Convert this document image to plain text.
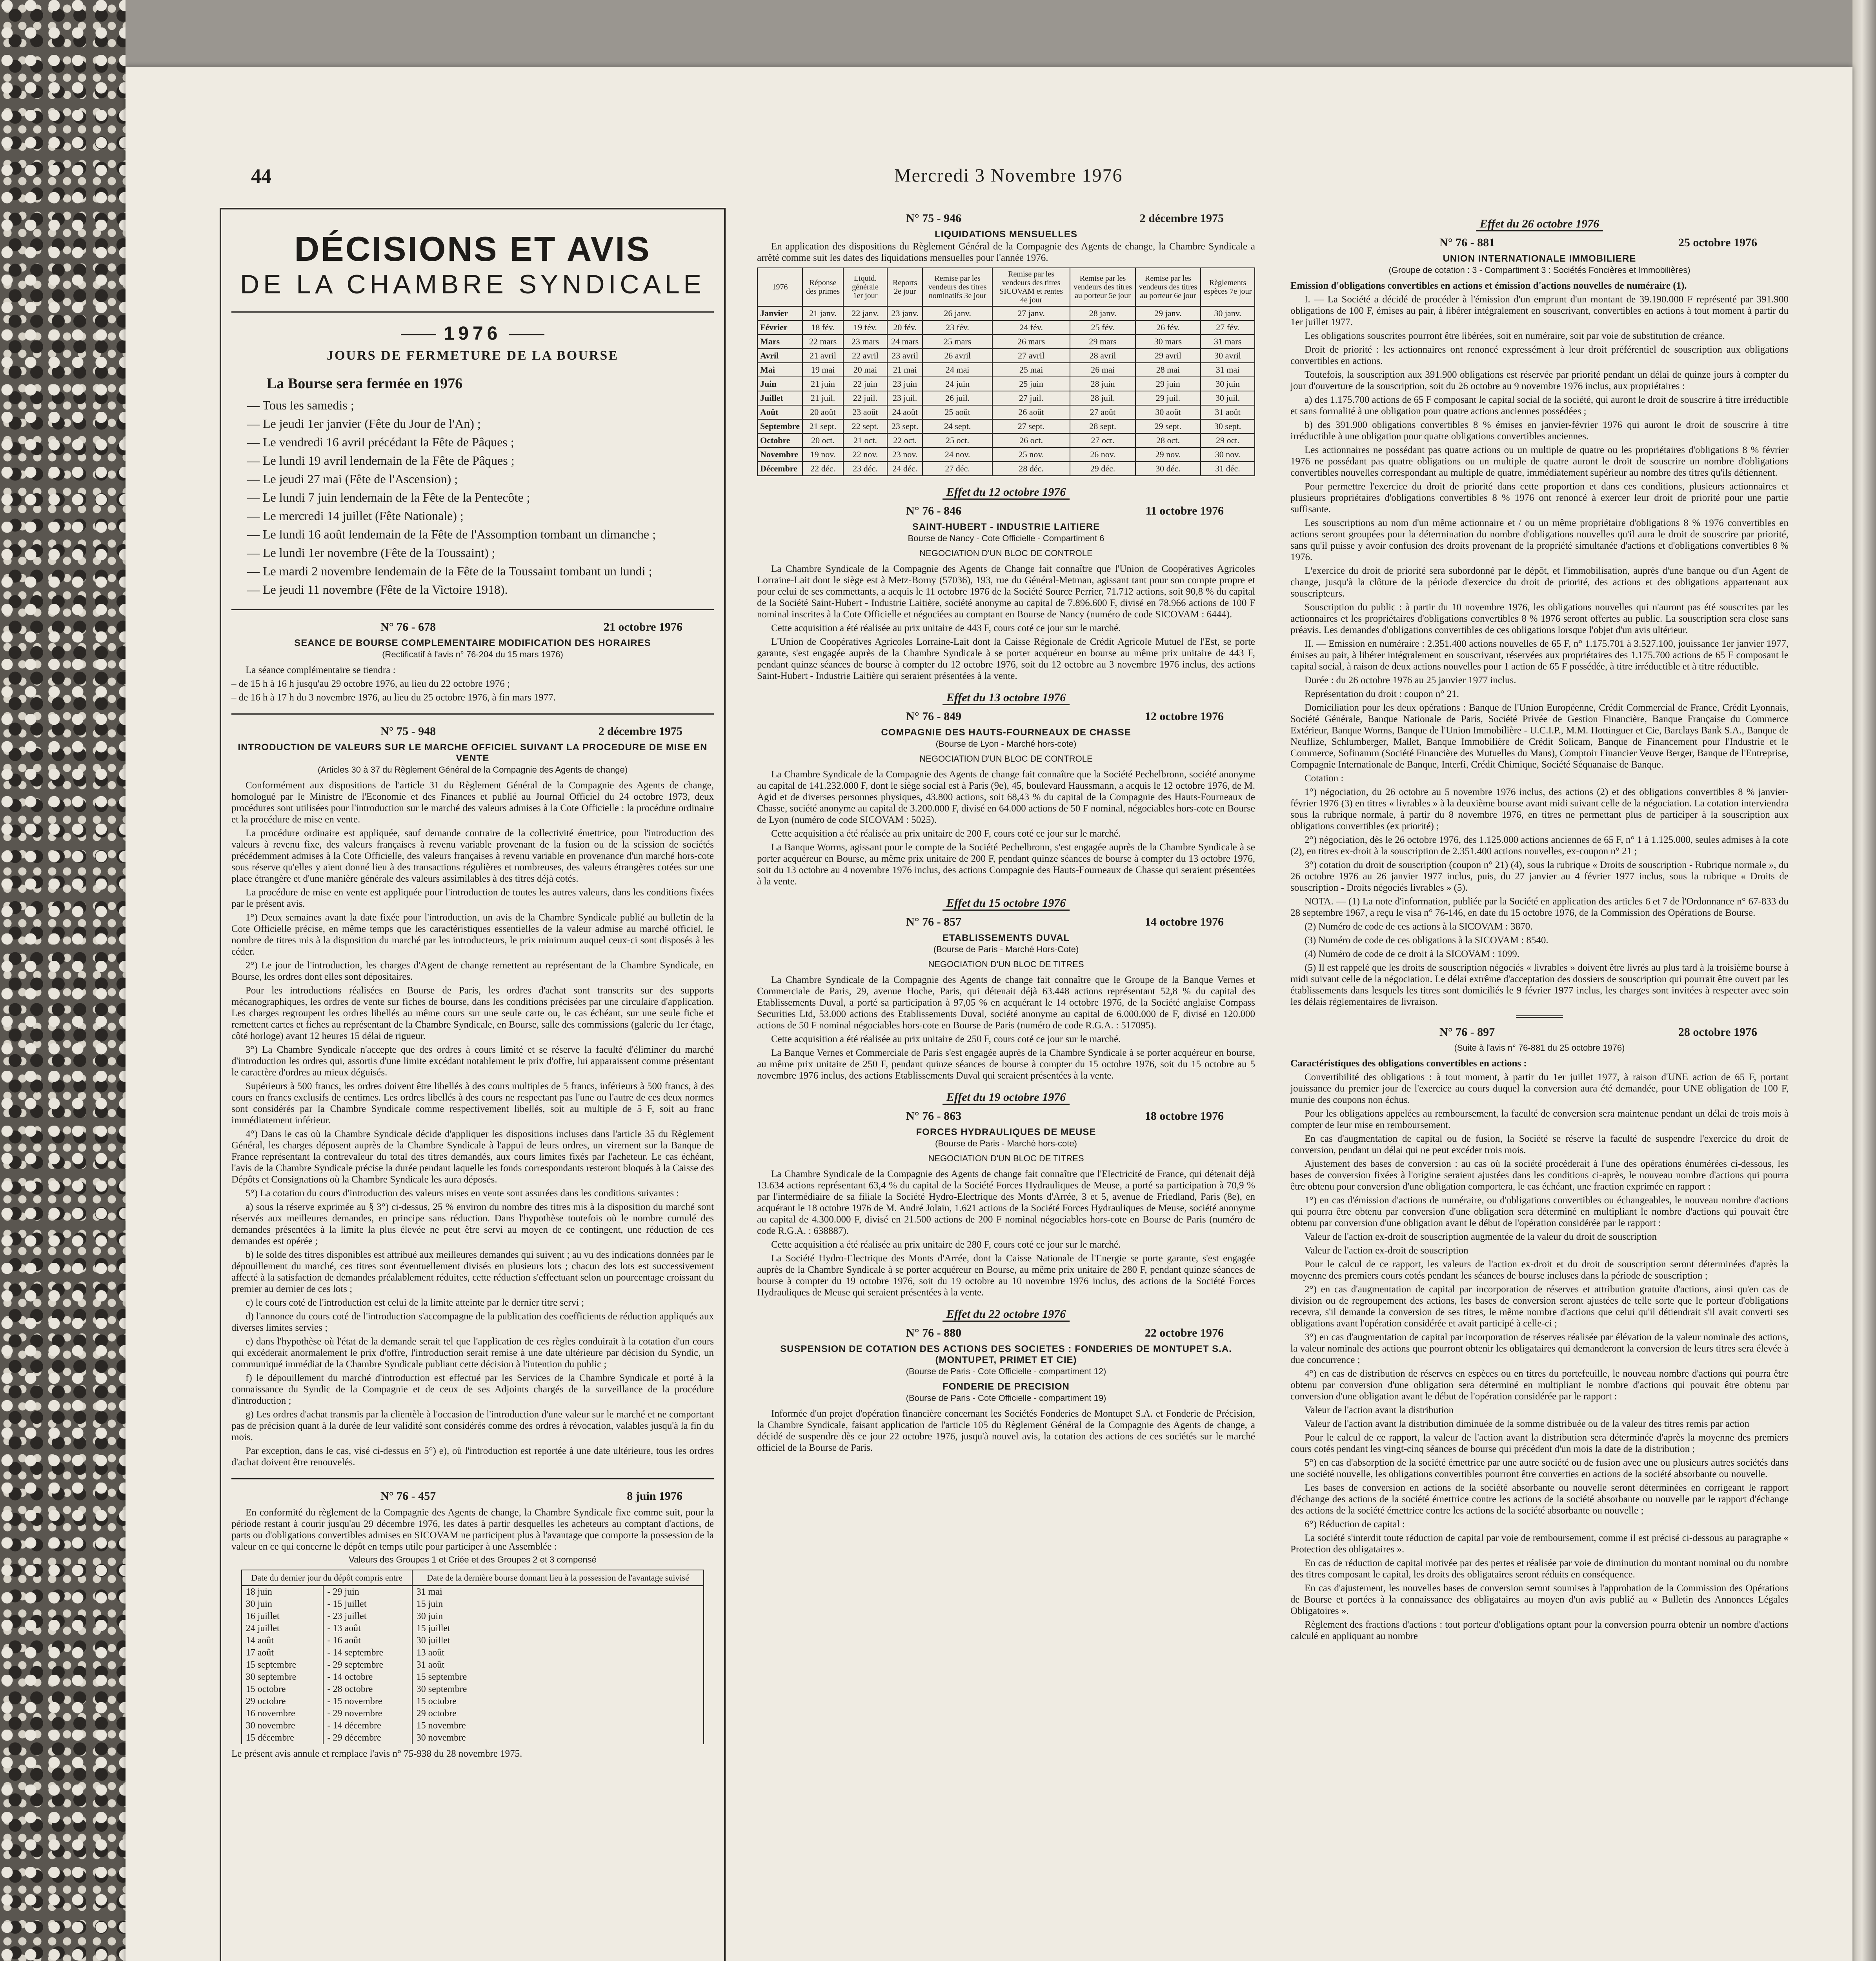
44	Mercredi 3 Novembre 1976
DÉCISIONS ET AVIS
DE LA CHAMBRE SYNDICALE
1976
JOURS DE FERMETURE DE LA BOURSE
La Bourse sera fermée en 1976
— Tous les samedis ;
— Le jeudi 1er janvier (Fête du Jour de l'An) ;
— Le vendredi 16 avril précédant la Fête de Pâques ;
— Le lundi 19 avril lendemain de la Fête de Pâques ;
— Le jeudi 27 mai (Fête de l'Ascension) ;
— Le lundi 7 juin lendemain de la Fête de la Pentecôte ;
— Le mercredi 14 juillet (Fête Nationale) ;
— Le lundi 16 août lendemain de la Fête de l'Assomption tombant un dimanche ;
— Le lundi 1er novembre (Fête de la Toussaint) ;
— Le mardi 2 novembre lendemain de la Fête de la Toussaint tombant un lundi ;
— Le jeudi 11 novembre (Fête de la Victoire 1918).
N° 76 - 678	21 octobre 1976
SEANCE DE BOURSE COMPLEMENTAIRE MODIFICATION DES HORAIRES
(Rectificatif à l'avis n° 76-204 du 15 mars 1976)

La séance complémentaire se tiendra :

– de 15 h à 16 h jusqu'au 29 octobre 1976, au lieu du 22 octobre 1976 ;

– de 16 h à 17 h du 3 novembre 1976, au lieu du 25 octobre 1976, à fin mars 1977.

N° 75 - 948	2 décembre 1975
INTRODUCTION DE VALEURS SUR LE MARCHE OFFICIEL SUIVANT LA PROCEDURE DE MISE EN VENTE
(Articles 30 à 37 du Règlement Général de la Compagnie des Agents de change)

Conformément aux dispositions de l'article 31 du Règlement Général de la Compagnie des Agents de change, homologué par le Ministre de l'Economie et des Finances et publié au Journal Officiel du 24 octobre 1973, deux procédures sont utilisées pour l'introduction sur le marché des valeurs admises à la Cote Officielle : la procédure ordinaire et la procédure de mise en vente.

La procédure ordinaire est appliquée, sauf demande contraire de la collectivité émettrice, pour l'introduction des valeurs à revenu fixe, des valeurs françaises à revenu variable provenant de la fusion ou de la scission de sociétés précédemment admises à la Cote Officielle, des valeurs françaises à revenu variable en provenance d'un marché hors-cote sous réserve qu'elles y aient donné lieu à des transactions régulières et nombreuses, des valeurs étrangères cotées sur une place étrangère et d'une manière générale des valeurs assimilables à des titres déjà cotés.

La procédure de mise en vente est appliquée pour l'introduction de toutes les autres valeurs, dans les conditions fixées par le présent avis.

1°) Deux semaines avant la date fixée pour l'introduction, un avis de la Chambre Syndicale publié au bulletin de la Cote Officielle précise, en même temps que les caractéristiques essentielles de la valeur admise au marché officiel, le nombre de titres mis à la disposition du marché par les introducteurs, le prix minimum auquel ceux-ci sont disposés à les céder.

2°) Le jour de l'introduction, les charges d'Agent de change remettent au représentant de la Chambre Syndicale, en Bourse, les ordres dont elles sont dépositaires.

Pour les introductions réalisées en Bourse de Paris, les ordres d'achat sont transcrits sur des supports mécanographiques, les ordres de vente sur fiches de bourse, dans les conditions précisées par une circulaire d'application. Les charges regroupent les ordres libellés au même cours sur une seule carte ou, le cas échéant, sur une seule fiche et remettent cartes et fiches au représentant de la Chambre Syndicale, en Bourse, salle des commissions (galerie du 1er étage, côté horloge) avant 12 heures 15 délai de rigueur.

3°) La Chambre Syndicale n'accepte que des ordres à cours limité et se réserve la faculté d'éliminer du marché d'introduction les ordres qui, assortis d'une limite excédant notablement le prix d'offre, lui apparaissent comme présentant le caractère d'ordres au mieux déguisés.

Supérieurs à 500 francs, les ordres doivent être libellés à des cours multiples de 5 francs, inférieurs à 500 francs, à des cours en francs exclusifs de centimes. Les ordres libellés à des cours ne respectant pas l'une ou l'autre de ces deux normes sont considérés par la Chambre Syndicale comme respectivement libellés, soit au multiple de 5 F, soit au franc immédiatement inférieur.

4°) Dans le cas où la Chambre Syndicale décide d'appliquer les dispositions incluses dans l'article 35 du Règlement Général, les charges déposent auprès de la Chambre Syndicale à l'appui de leurs ordres, un virement sur la Banque de France représentant la contrevaleur du total des titres demandés, aux cours limites fixés par l'acheteur. Le cas échéant, l'avis de la Chambre Syndicale précise la durée pendant laquelle les fonds correspondants resteront bloqués à la Caisse des Dépôts et Consignations où la Chambre Syndicale les aura déposés.

5°) La cotation du cours d'introduction des valeurs mises en vente sont assurées dans les conditions suivantes :

a) sous la réserve exprimée au § 3°) ci-dessus, 25 % environ du nombre des titres mis à la disposition du marché sont réservés aux meilleures demandes, en principe sans réduction. Dans l'hypothèse toutefois où le nombre cumulé des demandes présentées à la limite la plus élevée ne peut être servi au moyen de ce contingent, une réduction de ces demandes est opérée ;

b) le solde des titres disponibles est attribué aux meilleures demandes qui suivent ; au vu des indications données par le dépouillement du marché, ces titres sont éventuellement divisés en plusieurs lots ; chacun des lots est successivement affecté à la satisfaction de demandes préalablement réduites, cette réduction s'effectuant selon un pourcentage croissant du premier au dernier de ces lots ;

c) le cours coté de l'introduction est celui de la limite atteinte par le dernier titre servi ;

d) l'annonce du cours coté de l'introduction s'accompagne de la publication des coefficients de réduction appliqués aux diverses limites servies ;

e) dans l'hypothèse où l'état de la demande serait tel que l'application de ces règles conduirait à la cotation d'un cours qui excéderait anormalement le prix d'offre, l'introduction serait remise à une date ultérieure par décision du Syndic, un communiqué immédiat de la Chambre Syndicale publiant cette décision à l'intention du public ;

f) le dépouillement du marché d'introduction est effectué par les Services de la Chambre Syndicale et porté à la connaissance du Syndic de la Compagnie et de ceux de ses Adjoints chargés de la surveillance de la procédure d'introduction ;

g) Les ordres d'achat transmis par la clientèle à l'occasion de l'introduction d'une valeur sur le marché et ne comportant pas de précision quant à la durée de leur validité sont considérés comme des ordres à révocation, valables jusqu'à la fin du mois.

Par exception, dans le cas, visé ci-dessus en 5°) e), où l'introduction est reportée à une date ultérieure, tous les ordres d'achat doivent être renouvelés.

N° 76 - 457	8 juin 1976

En conformité du règlement de la Compagnie des Agents de change, la Chambre Syndicale fixe comme suit, pour la période restant à courir jusqu'au 29 décembre 1976, les dates à partir desquelles les acheteurs au comptant d'actions, de parts ou d'obligations convertibles admises en SICOVAM ne participent plus à l'avantage que comporte la possession de la valeur en ce qui concerne le dépôt en temps utile pour participer à une Assemblée :

Valeurs des Groupes 1 et Criée et des Groupes 2 et 3 compensé
Date du dernier jour du dépôt compris entre		Date de la dernière bourse donnant lieu à la possession de l'avantage suivisé
18 juin	- 29 juin	31 mai
30 juin	- 15 juillet	15 juin
16 juillet	- 23 juillet	30 juin
24 juillet	- 13 août	15 juillet
14 août	- 16 août	30 juillet
17 août	- 14 septembre	13 août
15 septembre	- 29 septembre	31 août
30 septembre	- 14 octobre	15 septembre
15 octobre	- 28 octobre	30 septembre
29 octobre	- 15 novembre	15 octobre
16 novembre	- 29 novembre	29 octobre
30 novembre	- 14 décembre	15 novembre
15 décembre	- 29 décembre	30 novembre

Le présent avis annule et remplace l'avis n° 75-938 du 28 novembre 1975.

N° 75 - 946	2 décembre 1975
LIQUIDATIONS MENSUELLES

En application des dispositions du Règlement Général de la Compagnie des Agents de change, la Chambre Syndicale a arrêté comme suit les dates des liquidations mensuelles pour l'année 1976.

1976	Réponse des primes	Liquid. générale 1er jour	Reports 2e jour	Remise par les vendeurs des titres nominatifs 3e jour	Remise par les vendeurs des titres SICOVAM et rentes 4e jour	Remise par les vendeurs des titres au porteur 5e jour	Remise par les vendeurs des titres au porteur 6e jour	Règlements espèces 7e jour
Janvier	21 janv.	22 janv.	23 janv.	26 janv.	27 janv.	28 janv.	29 janv.	30 janv.
Février	18 fév.	19 fév.	20 fév.	23 fév.	24 fév.	25 fév.	26 fév.	27 fév.
Mars	22 mars	23 mars	24 mars	25 mars	26 mars	29 mars	30 mars	31 mars
Avril	21 avril	22 avril	23 avril	26 avril	27 avril	28 avril	29 avril	30 avril
Mai	19 mai	20 mai	21 mai	24 mai	25 mai	26 mai	28 mai	31 mai
Juin	21 juin	22 juin	23 juin	24 juin	25 juin	28 juin	29 juin	30 juin
Juillet	21 juil.	22 juil.	23 juil.	26 juil.	27 juil.	28 juil.	29 juil.	30 juil.
Août	20 août	23 août	24 août	25 août	26 août	27 août	30 août	31 août
Septembre	21 sept.	22 sept.	23 sept.	24 sept.	27 sept.	28 sept.	29 sept.	30 sept.
Octobre	20 oct.	21 oct.	22 oct.	25 oct.	26 oct.	27 oct.	28 oct.	29 oct.
Novembre	19 nov.	22 nov.	23 nov.	24 nov.	25 nov.	26 nov.	29 nov.	30 nov.
Décembre	22 déc.	23 déc.	24 déc.	27 déc.	28 déc.	29 déc.	30 déc.	31 déc.
Effet du 12 octobre 1976
N° 76 - 846	11 octobre 1976
SAINT-HUBERT - INDUSTRIE LAITIERE
Bourse de Nancy - Cote Officielle - Compartiment 6
NEGOCIATION D'UN BLOC DE CONTROLE

La Chambre Syndicale de la Compagnie des Agents de Change fait connaître que l'Union de Coopératives Agricoles Lorraine-Lait dont le siège est à Metz-Borny (57036), 193, rue du Général-Metman, agissant tant pour son compte propre et pour celui de ses commettants, a acquis le 11 octobre 1976 de la Société Source Perrier, 71.712 actions, soit 90,8 % du capital de la Société Saint-Hubert - Industrie Laitière, société anonyme au capital de 7.896.600 F, divisé en 78.966 actions de 100 F nominal inscrites à la Cote Officielle et négociées au comptant en Bourse de Nancy (numéro de code SICOVAM : 6444).

Cette acquisition a été réalisée au prix unitaire de 443 F, cours coté ce jour sur le marché.

L'Union de Coopératives Agricoles Lorraine-Lait dont la Caisse Régionale de Crédit Agricole Mutuel de l'Est, se porte garante, s'est engagée auprès de la Chambre Syndicale à se porter acquéreur en bourse au même prix unitaire de 443 F, pendant quinze séances de bourse à compter du 12 octobre 1976, soit du 12 octobre au 3 novembre 1976 inclus, des actions Saint-Hubert - Industrie Laitière qui seraient présentées à la vente.

Effet du 13 octobre 1976
N° 76 - 849	12 octobre 1976
COMPAGNIE DES HAUTS-FOURNEAUX DE CHASSE
(Bourse de Lyon - Marché hors-cote)
NEGOCIATION D'UN BLOC DE CONTROLE

La Chambre Syndicale de la Compagnie des Agents de change fait connaître que la Société Pechelbronn, société anonyme au capital de 141.232.000 F, dont le siège social est à Paris (9e), 45, boulevard Haussmann, a acquis le 12 octobre 1976, de M. Agid et de diverses personnes physiques, 43.800 actions, soit 68,43 % du capital de la Compagnie des Hauts-Fourneaux de Chasse, société anonyme au capital de 3.200.000 F, divisé en 64.000 actions de 50 F nominal, négociables hors-cote en Bourse de Lyon (numéro de code SICOVAM : 5025).

Cette acquisition a été réalisée au prix unitaire de 200 F, cours coté ce jour sur le marché.

La Banque Worms, agissant pour le compte de la Société Pechelbronn, s'est engagée auprès de la Chambre Syndicale à se porter acquéreur en Bourse, au même prix unitaire de 200 F, pendant quinze séances de bourse à compter du 13 octobre 1976, soit du 13 octobre au 4 novembre 1976 inclus, des actions Compagnie des Hauts-Fourneaux de Chasse qui seraient présentées à la vente.

Effet du 15 octobre 1976
N° 76 - 857	14 octobre 1976
ETABLISSEMENTS DUVAL
(Bourse de Paris - Marché Hors-Cote)
NEGOCIATION D'UN BLOC DE TITRES

La Chambre Syndicale de la Compagnie des Agents de change fait connaître que le Groupe de la Banque Vernes et Commerciale de Paris, 29, avenue Hoche, Paris, qui détenait déjà 63.448 actions représentant 52,8 % du capital des Etablissements Duval, a porté sa participation à 97,05 % en acquérant le 14 octobre 1976, de la Société anglaise Compass Securities Ltd, 53.000 actions des Etablissements Duval, société anonyme au capital de 6.000.000 de F, divisé en 120.000 actions de 50 F nominal négociables hors-cote en Bourse de Paris (numéro de code R.G.A. : 517095).

Cette acquisition a été réalisée au prix unitaire de 250 F, cours coté ce jour sur le marché.

La Banque Vernes et Commerciale de Paris s'est engagée auprès de la Chambre Syndicale à se porter acquéreur en bourse, au même prix unitaire de 250 F, pendant quinze séances de bourse à compter du 15 octobre 1976, soit du 15 octobre au 5 novembre 1976 inclus, des actions Etablissements Duval qui seraient présentées à la vente.

Effet du 19 octobre 1976
N° 76 - 863	18 octobre 1976
FORCES HYDRAULIQUES DE MEUSE
(Bourse de Paris - Marché hors-cote)
NEGOCIATION D'UN BLOC DE TITRES

La Chambre Syndicale de la Compagnie des Agents de change fait connaître que l'Electricité de France, qui détenait déjà 13.634 actions représentant 63,4 % du capital de la Société Forces Hydrauliques de Meuse, a porté sa participation à 70,9 % par l'intermédiaire de sa filiale la Société Hydro-Electrique des Monts d'Arrée, 3 et 5, avenue de Friedland, Paris (8e), en acquérant le 18 octobre 1976 de M. André Jolain, 1.621 actions de la Société Forces Hydrauliques de Meuse, société anonyme au capital de 4.300.000 F, divisé en 21.500 actions de 200 F nominal négociables hors-cote en Bourse de Paris (numéro de code R.G.A. : 638887).

Cette acquisition a été réalisée au prix unitaire de 280 F, cours coté ce jour sur le marché.

La Société Hydro-Electrique des Monts d'Arrée, dont la Caisse Nationale de l'Energie se porte garante, s'est engagée auprès de la Chambre Syndicale à se porter acquéreur en Bourse, au même prix unitaire de 280 F, pendant quinze séances de bourse à compter du 19 octobre 1976, soit du 19 octobre au 10 novembre 1976 inclus, des actions de la Société Forces Hydrauliques de Meuse qui seraient présentées à la vente.

Effet du 22 octobre 1976
N° 76 - 880	22 octobre 1976
SUSPENSION DE COTATION DES ACTIONS DES SOCIETES : FONDERIES DE MONTUPET S.A. (MONTUPET, PRIMET ET CIE)
(Bourse de Paris - Cote Officielle - compartiment 12)
FONDERIE DE PRECISION
(Bourse de Paris - Cote Officielle - compartiment 19)

Informée d'un projet d'opération financière concernant les Sociétés Fonderies de Montupet S.A. et Fonderie de Précision, la Chambre Syndicale, faisant application de l'article 105 du Règlement Général de la Compagnie des Agents de change, a décidé de suspendre dès ce jour 22 octobre 1976, jusqu'à nouvel avis, la cotation des actions de ces sociétés sur le marché officiel de la Bourse de Paris.

Effet du 26 octobre 1976
N° 76 - 881	25 octobre 1976
UNION INTERNATIONALE IMMOBILIERE
(Groupe de cotation : 3 - Compartiment 3 : Sociétés Foncières et Immobilières)

Emission d'obligations convertibles en actions et émission d'actions nouvelles de numéraire (1).

I. — La Société a décidé de procéder à l'émission d'un emprunt d'un montant de 39.190.000 F représenté par 391.900 obligations de 100 F, émises au pair, à libérer intégralement en souscrivant, convertibles en actions à tout moment à partir du 1er juillet 1977.

Les obligations souscrites pourront être libérées, soit en numéraire, soit par voie de substitution de créance.

Droit de priorité : les actionnaires ont renoncé expressément à leur droit préférentiel de souscription aux obligations convertibles en actions.

Toutefois, la souscription aux 391.900 obligations est réservée par priorité pendant un délai de quinze jours à compter du jour d'ouverture de la souscription, soit du 26 octobre au 9 novembre 1976 inclus, aux propriétaires :

a) des 1.175.700 actions de 65 F composant le capital social de la société, qui auront le droit de souscrire à titre irréductible et sans formalité à une obligation pour quatre actions anciennes possédées ;

b) des 391.900 obligations convertibles 8 % émises en janvier-février 1976 qui auront le droit de souscrire à titre irréductible à une obligation pour quatre obligations convertibles anciennes.

Les actionnaires ne possédant pas quatre actions ou un multiple de quatre ou les propriétaires d'obligations 8 % février 1976 ne possédant pas quatre obligations ou un multiple de quatre auront le droit de souscrire un nombre d'obligations convertibles nouvelles correspondant au multiple de quatre, immédiatement supérieur au nombre des titres qu'ils détiennent.

Pour permettre l'exercice du droit de priorité dans cette proportion et dans ces conditions, plusieurs actionnaires et plusieurs propriétaires d'obligations convertibles 8 % 1976 ont renoncé à exercer leur droit de priorité pour une partie suffisante.

Les souscriptions au nom d'un même actionnaire et / ou un même propriétaire d'obligations 8 % 1976 convertibles en actions seront groupées pour la détermination du nombre d'obligations nouvelles qu'il aura le droit de souscrire par priorité, sans qu'il puisse y avoir confusion des droits provenant de la propriété simultanée d'actions et d'obligations convertibles 8 % 1976.

L'exercice du droit de priorité sera subordonné par le dépôt, et l'immobilisation, auprès d'une banque ou d'un Agent de change, jusqu'à la clôture de la période d'exercice du droit de priorité, des actions et des obligations appartenant aux souscripteurs.

Souscription du public : à partir du 10 novembre 1976, les obligations nouvelles qui n'auront pas été souscrites par les actionnaires et les propriétaires d'obligations convertibles 8 % 1976 seront offertes au public. La souscription sera close sans préavis. Les demandes d'obligations convertibles de ces obligations lorsque l'objet d'un avis ultérieur.

II. — Emission en numéraire : 2.351.400 actions nouvelles de 65 F, n° 1.175.701 à 3.527.100, jouissance 1er janvier 1977, émises au pair, à libérer intégralement en souscrivant, réservées aux propriétaires des 1.175.700 actions de 65 F composant le capital social, à raison de deux actions nouvelles pour 1 action de 65 F possédée, à titre irréductible et à titre réductible.

Durée : du 26 octobre 1976 au 25 janvier 1977 inclus.

Représentation du droit : coupon n° 21.

Domiciliation pour les deux opérations : Banque de l'Union Européenne, Crédit Commercial de France, Crédit Lyonnais, Société Générale, Banque Nationale de Paris, Société Privée de Gestion Financière, Banque Française du Commerce Extérieur, Banque Worms, Banque de l'Union Immobilière - U.C.I.P., M.M. Hottinguer et Cie, Barclays Bank S.A., Banque de Neuflize, Schlumberger, Mallet, Banque Immobilière de Crédit Solicam, Banque de Financement pour l'Industrie et le Commerce, Sofinamm (Société Financière des Mutuelles du Mans), Comptoir Financier Veuve Berger, Banque de l'Entreprise, Compagnie Internationale de Banque, Interfi, Crédit Chimique, Société Séquanaise de Banque.

Cotation :

1°) négociation, du 26 octobre au 5 novembre 1976 inclus, des actions (2) et des obligations convertibles 8 % janvier-février 1976 (3) en titres « livrables » à la deuxième bourse avant midi suivant celle de la négociation. La cotation interviendra sous la rubrique normale, à partir du 8 novembre 1976, en titres ne permettant plus de participer à la souscription aux obligations convertibles (ex priorité) ;

2°) négociation, dès le 26 octobre 1976, des 1.125.000 actions anciennes de 65 F, n° 1 à 1.125.000, seules admises à la cote (2), en titres ex-droit à la souscription de 2.351.400 actions nouvelles, ex-coupon n° 21 ;

3°) cotation du droit de souscription (coupon n° 21) (4), sous la rubrique « Droits de souscription - Rubrique normale », du 26 octobre 1976 au 26 janvier 1977 inclus, puis, du 27 janvier au 4 février 1977 inclus, sous la rubrique « Droits de souscription - Droits négociés livrables » (5).

NOTA. — (1) La note d'information, publiée par la Société en application des articles 6 et 7 de l'Ordonnance n° 67-833 du 28 septembre 1967, a reçu le visa n° 76-146, en date du 15 octobre 1976, de la Commission des Opérations de Bourse.

(2) Numéro de code de ces actions à la SICOVAM : 3870.

(3) Numéro de code de ces obligations à la SICOVAM : 8540.

(4) Numéro de code de ce droit à la SICOVAM : 1099.

(5) Il est rappelé que les droits de souscription négociés « livrables » doivent être livrés au plus tard à la troisième bourse à midi suivant celle de la négociation. Le délai extrême d'acceptation des dossiers de souscription qui pourrait être ouvert par les établissements dans lesquels les titres sont domiciliés le 9 février 1977 inclus, les charges sont invitées à respecter avec soin les délais réglementaires de livraison.

N° 76 - 897	28 octobre 1976
(Suite à l'avis n° 76-881 du 25 octobre 1976)

Caractéristiques des obligations convertibles en actions :

Convertibilité des obligations : à tout moment, à partir du 1er juillet 1977, à raison d'UNE action de 65 F, portant jouissance du premier jour de l'exercice au cours duquel la conversion aura été demandée, pour UNE obligation de 100 F, munie des coupons non échus.

Pour les obligations appelées au remboursement, la faculté de conversion sera maintenue pendant un délai de trois mois à compter de leur mise en remboursement.

En cas d'augmentation de capital ou de fusion, la Société se réserve la faculté de suspendre l'exercice du droit de conversion, pendant un délai qui ne peut excéder trois mois.

Ajustement des bases de conversion : au cas où la société procéderait à l'une des opérations énumérées ci-dessous, les bases de conversion fixées à l'origine seraient ajustées dans les conditions ci-après, le nouveau nombre d'actions qui pourra être obtenu pour conversion d'une obligation comportera, le cas échéant, une fraction exprimée en rapport :

1°) en cas d'émission d'actions de numéraire, ou d'obligations convertibles ou échangeables, le nouveau nombre d'actions qui pourra être obtenu par conversion d'une obligation sera déterminé en multipliant le nombre d'actions qui pouvait être obtenu par conversion d'une obligation avant le début de l'opération considérée par le rapport :

Valeur de l'action ex-droit de souscription augmentée de la valeur du droit de souscription

Valeur de l'action ex-droit de souscription

Pour le calcul de ce rapport, les valeurs de l'action ex-droit et du droit de souscription seront déterminées d'après la moyenne des premiers cours cotés pendant les séances de bourse incluses dans la période de souscription ;

2°) en cas d'augmentation de capital par incorporation de réserves et attribution gratuite d'actions, ainsi qu'en cas de division ou de regroupement des actions, les bases de conversion seront ajustées de telle sorte que le porteur d'obligations recevra, s'il demande la conversion de ses titres, le même nombre d'actions que celui qu'il détiendrait s'il avait converti ses obligations avant l'opération considérée et avait participé à celle-ci ;

3°) en cas d'augmentation de capital par incorporation de réserves réalisée par élévation de la valeur nominale des actions, la valeur nominale des actions que pourront obtenir les obligataires qui demanderont la conversion de leurs titres sera élevée à due concurrence ;

4°) en cas de distribution de réserves en espèces ou en titres du portefeuille, le nouveau nombre d'actions qui pourra être obtenu par conversion d'une obligation sera déterminé en multipliant le nombre d'actions qui pouvait être obtenu par conversion d'une obligation avant le début de l'opération considérée par le rapport :

Valeur de l'action avant la distribution

Valeur de l'action avant la distribution diminuée de la somme distribuée ou de la valeur des titres remis par action

Pour le calcul de ce rapport, la valeur de l'action avant la distribution sera déterminée d'après la moyenne des premiers cours cotés pendant les vingt-cinq séances de bourse qui précédent d'un mois la date de la distribution ;

5°) en cas d'absorption de la société émettrice par une autre société ou de fusion avec une ou plusieurs autres sociétés dans une société nouvelle, les obligations convertibles pourront être converties en actions de la société absorbante ou nouvelle.

Les bases de conversion en actions de la société absorbante ou nouvelle seront déterminées en corrigeant le rapport d'échange des actions de la société émettrice contre les actions de la société absorbante ou nouvelle par le rapport d'échange des actions de la société émettrice contre les actions de la société absorbante ou nouvelle ;

6°) Réduction de capital :

La société s'interdit toute réduction de capital par voie de remboursement, comme il est précisé ci-dessous au paragraphe « Protection des obligataires ».

En cas de réduction de capital motivée par des pertes et réalisée par voie de diminution du montant nominal ou du nombre des titres composant le capital, les droits des obligataires seront réduits en conséquence.

En cas d'ajustement, les nouvelles bases de conversion seront soumises à l'approbation de la Commission des Opérations de Bourse et portées à la connaissance des obligataires au moyen d'un avis publié au « Bulletin des Annonces Légales Obligatoires ».

Règlement des fractions d'actions : tout porteur d'obligations optant pour la conversion pourra obtenir un nombre d'actions calculé en appliquant au nombre
